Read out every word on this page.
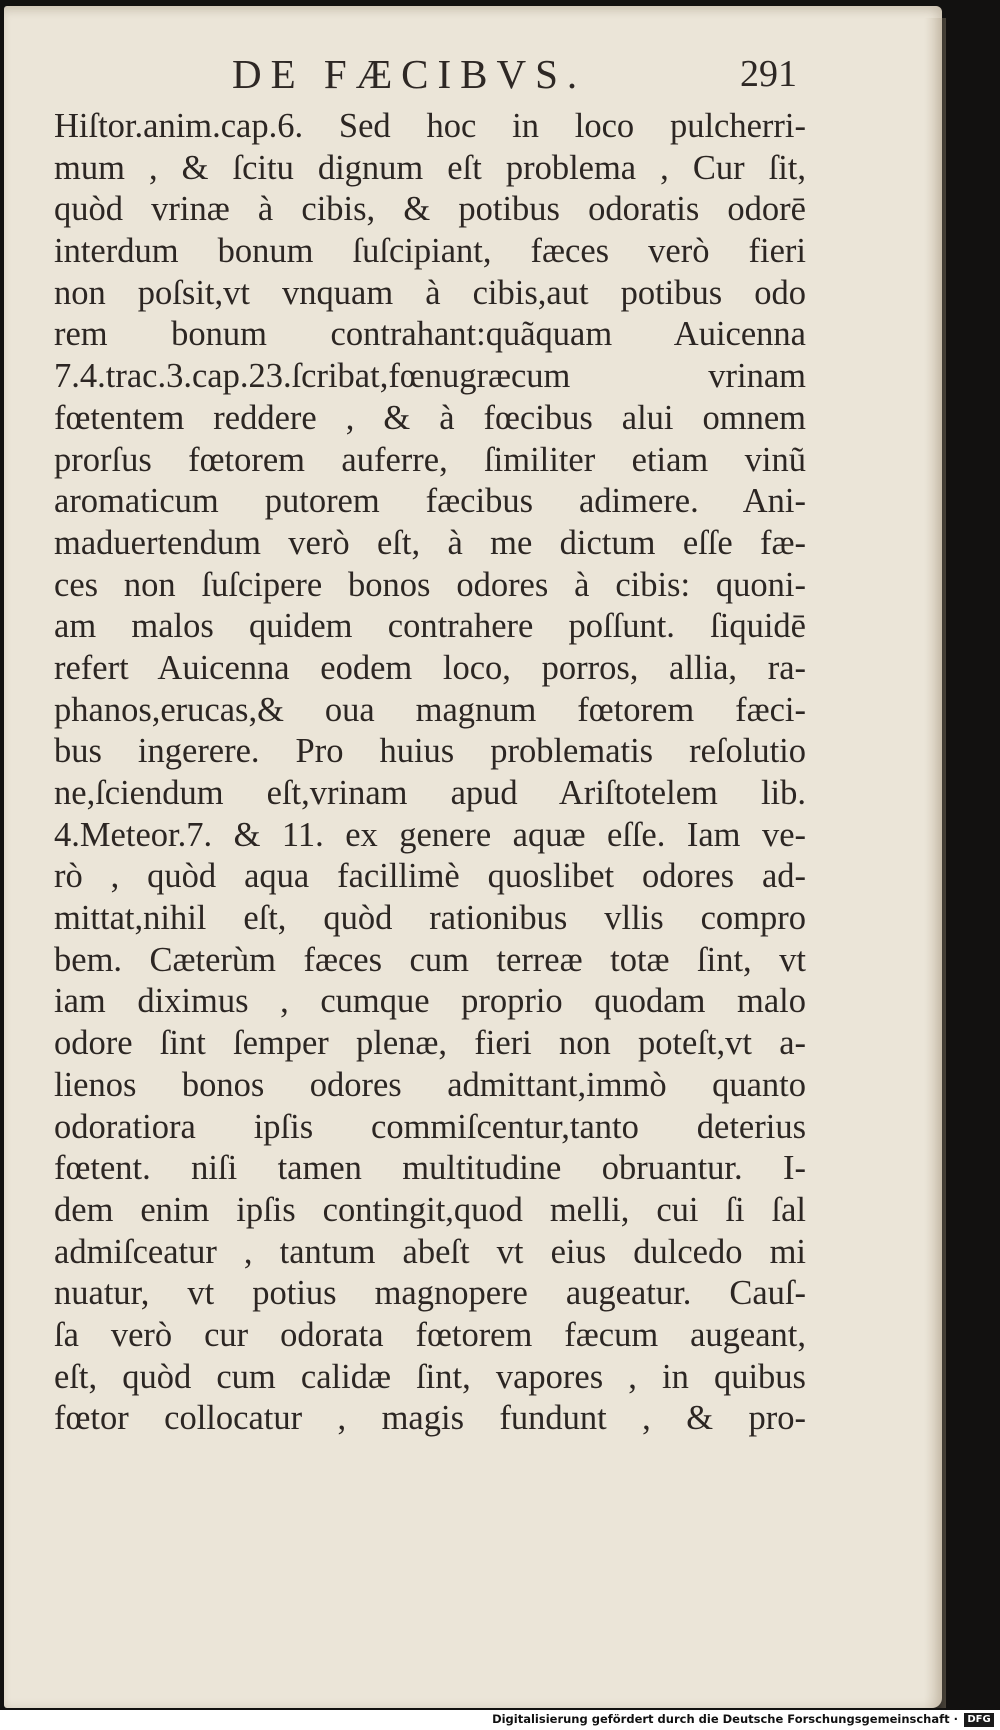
DE FÆCIBVS.	291
Hiſtor.anim.cap.6. Sed hoc in loco pulcherri-
mum , & ſcitu dignum eſt problema , Cur ſit,
quòd vrinæ à cibis, & potibus odoratis odorē
interdum bonum ſuſcipiant, fæces verò fieri
non poſsit,vt vnquam à cibis,aut potibus odo
rem bonum contrahant:quãquam Auicenna
7.4.trac.3.cap.23.ſcribat,fœnugræcum vrinam
fœtentem reddere , & à fœcibus alui omnem
prorſus fœtorem auferre, ſimiliter etiam vinũ
aromaticum putorem fæcibus adimere. Ani-
maduertendum verò eſt, à me dictum eſſe fæ-
ces non ſuſcipere bonos odores à cibis: quoni-
am malos quidem contrahere poſſunt. ſiquidē
refert Auicenna eodem loco, porros, allia, ra-
phanos,erucas,& oua magnum fœtorem fæci-
bus ingerere. Pro huius problematis reſolutio
ne,ſciendum eſt,vrinam apud Ariſtotelem lib.
4.Meteor.7. & 11. ex genere aquæ eſſe. Iam ve-
rò , quòd aqua facillimè quoslibet odores ad-
mittat,nihil eſt, quòd rationibus vllis compro
bem. Cæterùm fæces cum terreæ totæ ſint, vt
iam diximus , cumque proprio quodam malo
odore ſint ſemper plenæ, fieri non poteſt,vt a-
lienos bonos odores admittant,immò quanto
odoratiora ipſis commiſcentur,tanto deterius
fœtent. niſi tamen multitudine obruantur. I-
dem enim ipſis contingit,quod melli, cui ſi ſal
admiſceatur , tantum abeſt vt eius dulcedo mi
nuatur, vt potius magnopere augeatur. Cauſ-
ſa verò cur odorata fœtorem fæcum augeant,
eſt, quòd cum calidæ ſint, vapores , in quibus
fœtor collocatur , magis fundunt , & pro-
Digitalisierung gefördert durch die Deutsche Forschungsgemeinschaft · DFG
